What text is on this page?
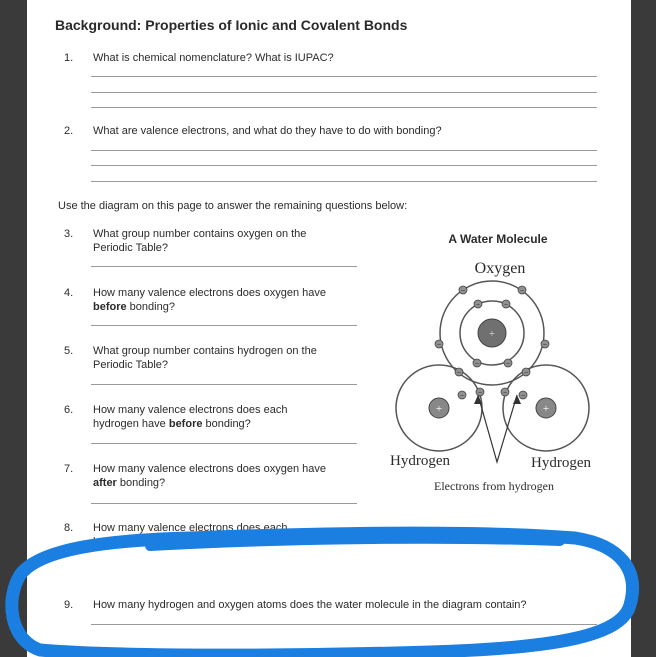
Background: Properties of Ionic and Covalent Bonds
1. What is chemical nomenclature? What is IUPAC?
2. What are valence electrons, and what do they have to do with bonding?
Use the diagram on this page to answer the remaining questions below:
3. What group number contains oxygen on the
Periodic Table?
4. How many valence electrons does oxygen have
before bonding?
5. What group number contains hydrogen on the
Periodic Table?
6. How many valence electrons does each
hydrogen have before bonding?
7. How many valence electrons does oxygen have
after bonding?
8. How many valence electrons does each
hydrogen
9. How many hydrogen and oxygen atoms does the water molecule in the diagram contain?
A Water Molecule
Oxygen
+
+	+
−	−
−	−
−	−
−	−
−	−
− −	−
−
Hydrogen	Hydrogen
Electrons from hydrogen
